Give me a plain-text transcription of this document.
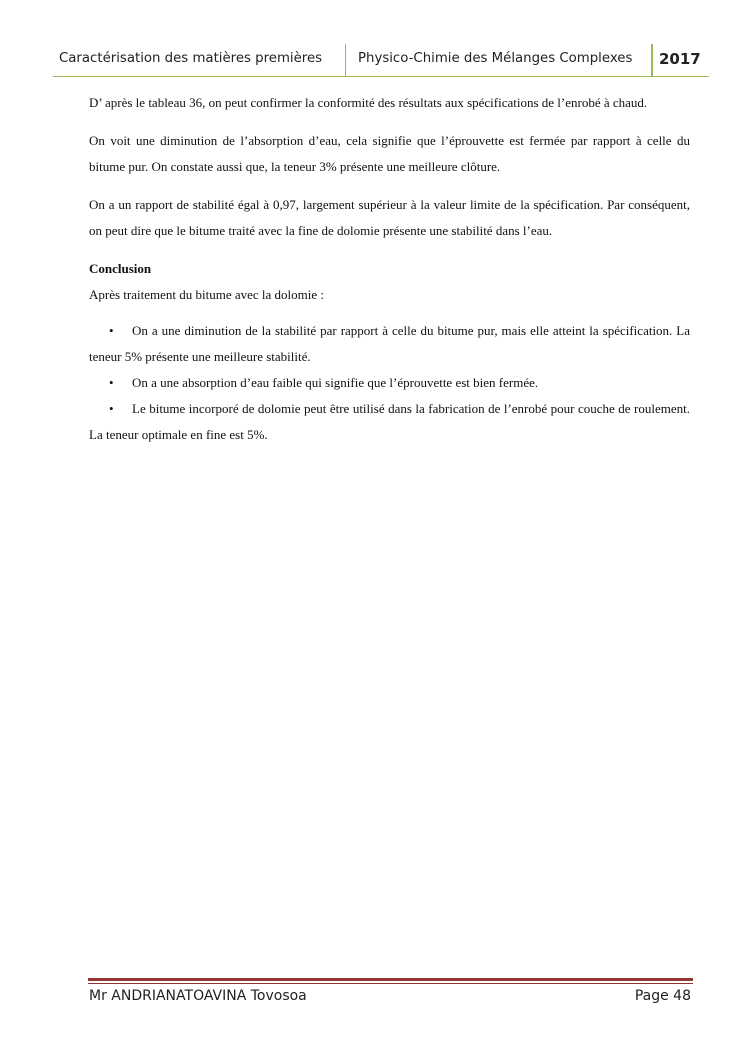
Caractérisation des matières premières	Physico-Chimie des Mélanges Complexes 2017

D’ après le tableau 36, on peut confirmer la conformité des résultats aux spécifications de l’enrobé à chaud.

On voit une diminution de l’absorption d’eau, cela signifie que l’éprouvette est fermée par rapport à celle du bitume pur. On constate aussi que, la teneur 3% présente une meilleure clôture.

On a un rapport de stabilité égal à 0,97, largement supérieur à la valeur limite de la spécification. Par conséquent, on peut dire que le bitume traité avec la fine de dolomie présente une stabilité dans l’eau.

Conclusion

Après traitement du bitume avec la dolomie :

• On a une diminution de la stabilité par rapport à celle du bitume pur, mais elle atteint la spécification. La teneur 5% présente une meilleure stabilité.
• On a une absorption d’eau faible qui signifie que l’éprouvette est bien fermée.
• Le bitume incorporé de dolomie peut être utilisé dans la fabrication de l’enrobé pour couche de roulement. La teneur optimale en fine est 5%.
Mr ANDRIANATOAVINA Tovosoa	Page 48
